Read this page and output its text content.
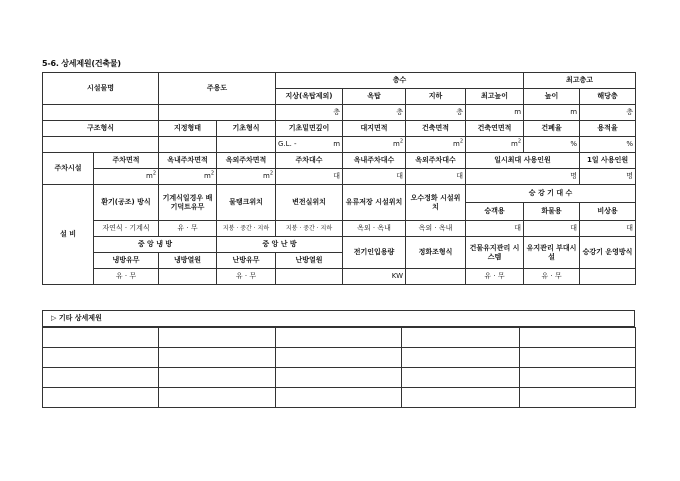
5-6. 상세제원(건축물)
시설물명		주용도		층수				최고층고	
				지상(옥탑제외)	옥탑	지하	최고높이	높이	해당층
				층	층	층	m	m	층
구조형식		지정형태	기초형식	기초밑면깊이	대지면적	건축면적	건축연면적	건폐율	용적율
				G.L. - m	$m^2$	$m^2$	$m^2$	%	%
주차시설	주차면적	옥내주차면적	옥외주차면적	주차대수	옥내주차대수	옥외주차대수	일시최대 사용인원		1일 사용인원
	$m^2$	$m^2$	$m^2$	대	대	대	명		명
설 비	환기(공조) 방식	기계식일경우 배기덕트유무	물탱크위치	변전실위치	유류저장 시설위치	오수정화 시설위치	승 강 기 대 수		
							승객용	화물용	비상용
	자연식 · 기계식	유 · 무	지붕 · 중간 · 지하	지붕 · 중간 · 지하	옥외 · 옥내	옥외 · 옥내	대	대	대
	중 앙 냉 방		중 앙 난 방		전기인입용량	정화조형식	건물유지관리 시스템	유지관리 부대시설	승강기 운영방식
	냉방유무	냉방열원	난방유무	난방열원					
	유 · 무		유 · 무		KW		유 · 무	유 · 무	
▷ 기타 상세제원
